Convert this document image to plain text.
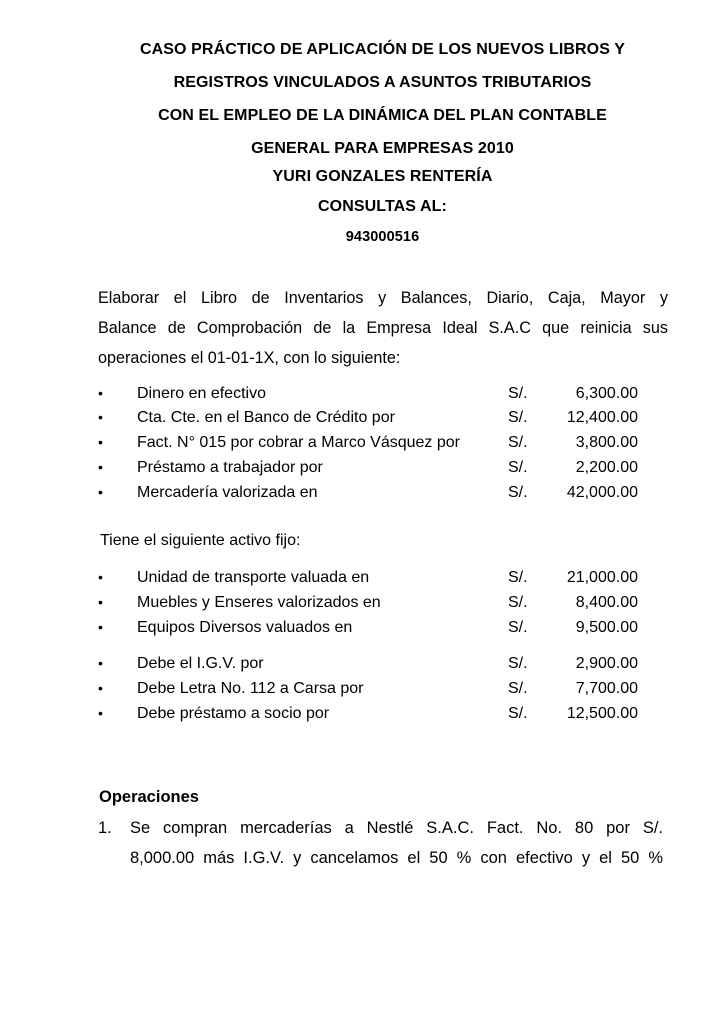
CASO PRÁCTICO DE APLICACIÓN DE LOS NUEVOS LIBROS Y
REGISTROS VINCULADOS A ASUNTOS TRIBUTARIOS
CON EL EMPLEO DE LA DINÁMICA DEL PLAN CONTABLE
GENERAL PARA EMPRESAS 2010
YURI GONZALES RENTERÍA
CONSULTAS AL:
943000516
Elaborar el Libro de Inventarios y Balances, Diario, Caja, Mayor y
Balance de Comprobación de la Empresa Ideal S.A.C que reinicia sus
operaciones el 01-01-1X, con lo siguiente:
• Dinero en efectivo	S/.	6,300.00
• Cta. Cte. en el Banco de Crédito por	S/. 12,400.00
• Fact. N° 015 por cobrar a Marco Vásquez por	S/.	3,800.00
• Préstamo a trabajador por	S/.	2,200.00
• Mercadería valorizada en	S/. 42,000.00
Tiene el siguiente activo fijo:
• Unidad de transporte valuada en	S/. 21,000.00
• Muebles y Enseres valorizados en	S/.	8,400.00
• Equipos Diversos valuados en	S/.	9,500.00
• Debe el I.G.V. por	S/.	2,900.00
• Debe Letra No. 112 a Carsa por	S/.	7,700.00
• Debe préstamo a socio por	S/. 12,500.00
Operaciones
1. Se compran mercaderías a Nestlé S.A.C. Fact. No. 80 por S/.
8,000.00 más I.G.V. y cancelamos el 50 % con efectivo y el 50 %
